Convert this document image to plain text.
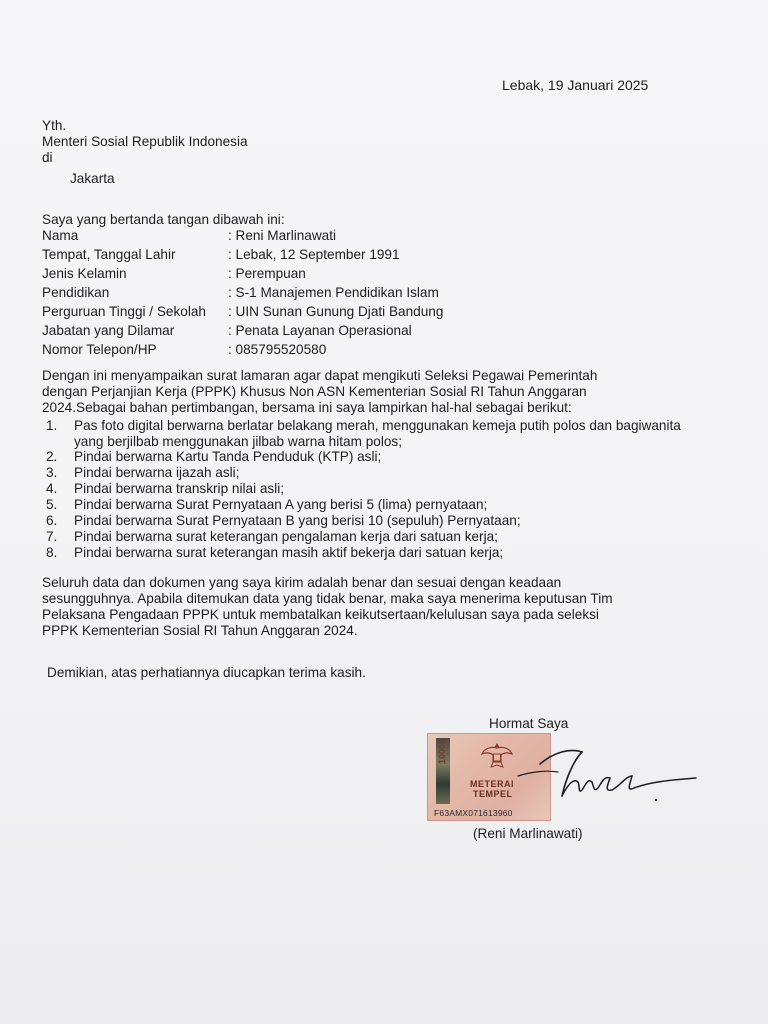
Lebak, 19 Januari 2025
Yth.
Menteri Sosial Republik Indonesia
di
Jakarta
Saya yang bertanda tangan dibawah ini:
Nama	: Reni Marlinawati
Tempat, Tanggal Lahir	: Lebak, 12 September 1991
Jenis Kelamin	: Perempuan
Pendidikan	: S-1 Manajemen Pendidikan Islam
Perguruan Tinggi / Sekolah	: UIN Sunan Gunung Djati Bandung
Jabatan yang Dilamar	: Penata Layanan Operasional
Nomor Telepon/HP	: 085795520580
Dengan ini menyampaikan surat lamaran agar dapat mengikuti Seleksi Pegawai Pemerintah
dengan Perjanjian Kerja (PPPK) Khusus Non ASN Kementerian Sosial RI Tahun Anggaran
2024.Sebagai bahan pertimbangan, bersama ini saya lampirkan hal-hal sebagai berikut:
1. Pas foto digital berwarna berlatar belakang merah, menggunakan kemeja putih polos dan bagiwanita yang berjilbab menggunakan jilbab warna hitam polos;
2. Pindai berwarna Kartu Tanda Penduduk (KTP) asli;
3. Pindai berwarna ijazah asli;
4. Pindai berwarna transkrip nilai asli;
5. Pindai berwarna Surat Pernyataan A yang berisi 5 (lima) pernyataan;
6. Pindai berwarna Surat Pernyataan B yang berisi 10 (sepuluh) Pernyataan;
7. Pindai berwarna surat keterangan pengalaman kerja dari satuan kerja;
8. Pindai berwarna surat keterangan masih aktif bekerja dari satuan kerja;
Seluruh data dan dokumen yang saya kirim adalah benar dan sesuai dengan keadaan
sesungguhnya. Apabila ditemukan data yang tidak benar, maka saya menerima keputusan Tim
Pelaksana Pengadaan PPPK untuk membatalkan keikutsertaan/kelulusan saya pada seleksi
PPPK Kementerian Sosial RI Tahun Anggaran 2024.
Demikian, atas perhatiannya diucapkan terima kasih.
Hormat Saya
10000
METERAI
TEMPEL
F63AMX071613960
(Reni Marlinawati)
